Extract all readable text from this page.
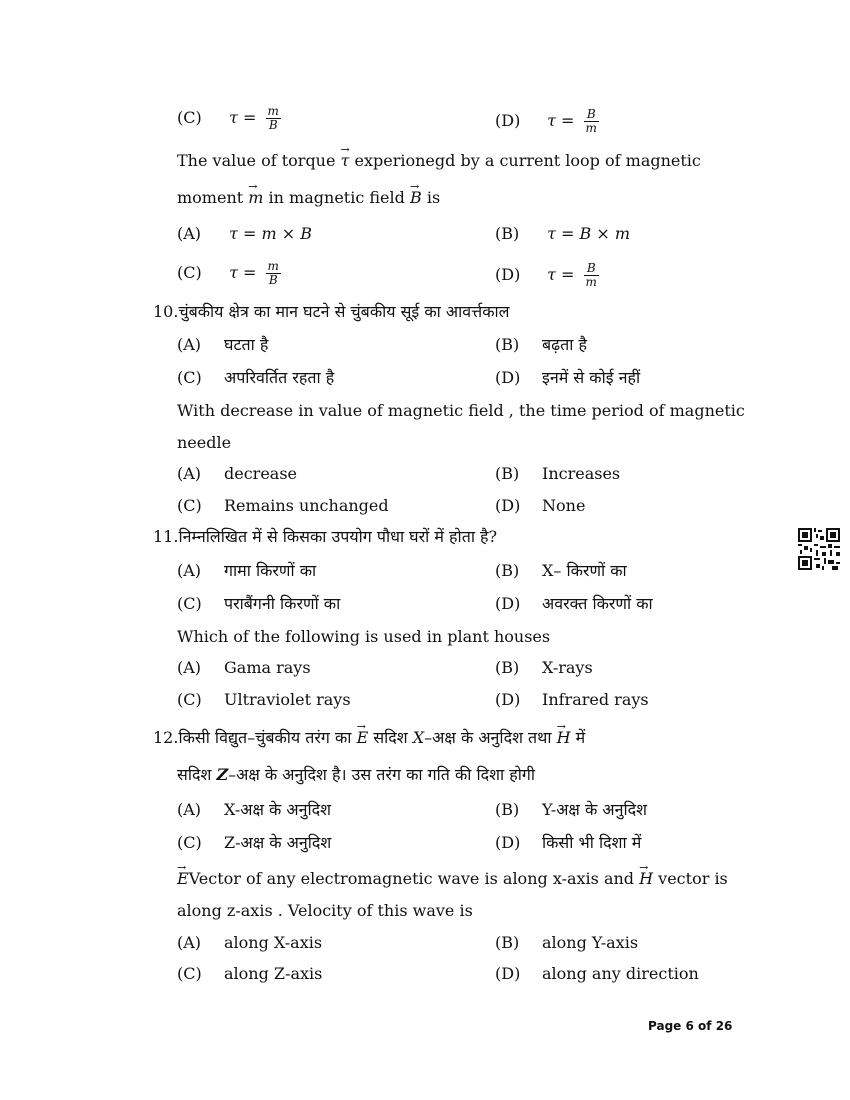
(C) $\tau = \frac{m}{B}$	(D) $\tau = \frac{B}{m}$
The value of torque → τ experionegd by a current loop of magnetic
moment → m in magnetic field → B is
(A) τ = m × B	(B) τ = B × m
(C) $\tau = \frac{m}{B}$	(D) $\tau = \frac{B}{m}$
10.चुंबकीय क्षेत्र का मान घटने से चुंबकीय सूई का आवर्त्तकाल
(A) घटता है	(B) बढ़ता है
(C) अपरिवर्तित रहता है	(D) इनमें से कोई नहीं
With decrease in value of magnetic field , the time period of magnetic
needle
(A) decrease	(B) Increases
(C) Remains unchanged	(D) None
11.निम्नलिखित में से किसका उपयोग पौधा घरों में होता है?
(A) गामा किरणों का	(B) X– किरणों का
(C) पराबैंगनी किरणों का	(D) अवरक्त किरणों का
Which of the following is used in plant houses
(A) Gama rays	(B) X-rays
(C) Ultraviolet rays	(D) Infrared rays
12.किसी विद्युत–चुंबकीय तरंग का → E सदिश X–अक्ष के अनुदिश तथा → H में
सदिश Z–अक्ष के अनुदिश है। उस तरंग का गति की दिशा होगी
(A) X-अक्ष के अनुदिश	(B) Y-अक्ष के अनुदिश
(C) Z-अक्ष के अनुदिश	(D) किसी भी दिशा में
→ EVector of any electromagnetic wave is along x-axis and → H vector is
along z-axis . Velocity of this wave is
(A) along X-axis	(B) along Y-axis
(C) along Z-axis	(D) along any direction
Page 6 of 26
